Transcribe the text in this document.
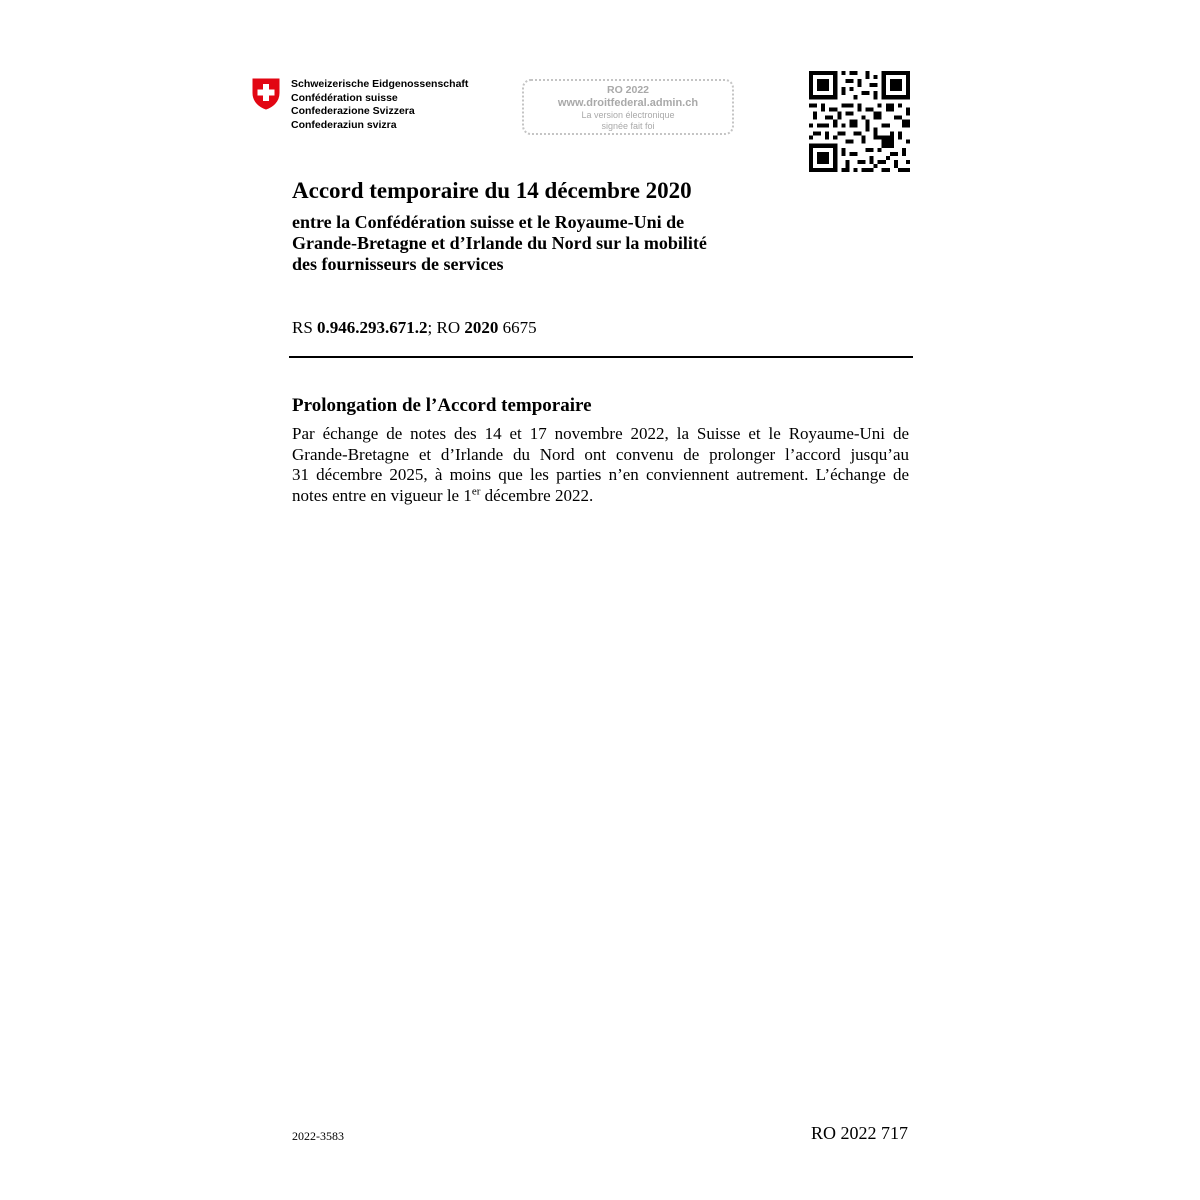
Schweizerische Eidgenossenschaft
Confédération suisse
Confederazione Svizzera
Confederaziun svizra
RO 2022
www.droitfederal.admin.ch
La version électronique
signée fait foi
Accord temporaire du 14 décembre 2020
entre la Confédération suisse et le Royaume-Uni de
Grande-Bretagne et d’Irlande du Nord sur la mobilité
des fournisseurs de services
RS 0.946.293.671.2; RO 2020 6675
Prolongation de l’Accord temporaire
Par échange de notes des 14 et 17 novembre 2022, la Suisse et le Royaume-Uni de
Grande-Bretagne et d’Irlande du Nord ont convenu de prolonger l’accord jusqu’au
31 décembre 2025, à moins que les parties n’en conviennent autrement. L’échange de
notes entre en vigueur le 1er décembre 2022.
2022-3583	RO 2022 717
